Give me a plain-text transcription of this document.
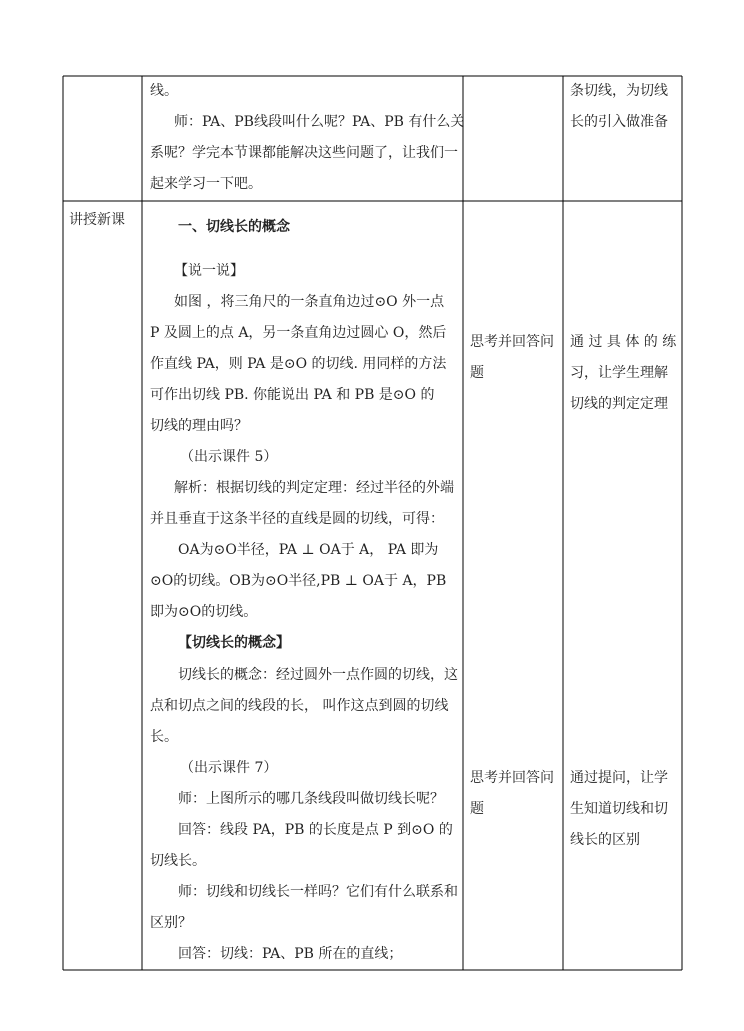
线。
师：PA、PB线段叫什么呢？PA、PB 有什么关
系呢？学完本节课都能解决这些问题了，让我们一
起来学习一下吧。
条切线，为切线
长的引入做准备
讲授新课	一、切线长的概念
【说一说】
如图 ，将三角尺的一条直角边过⊙O 外一点
P 及圆上的点 A，另一条直角边过圆心 O，然后
作直线 PA，则 PA 是⊙O 的切线. 用同样的方法
可作出切线 PB. 你能说出 PA 和 PB 是⊙O 的
切线的理由吗？
（出示课件 5）
解析：根据切线的判定定理：经过半径的外端
并且垂直于这条半径的直线是圆的切线，可得：
OA为⊙O半径，PA ⊥ OA于 A， PA 即为
⊙O的切线。OB为⊙O半径,PB ⊥ OA于 A，PB
即为⊙O的切线。
【切线长的概念】
切线长的概念：经过圆外一点作圆的切线，这
点和切点之间的线段的长， 叫作这点到圆的切线
长。
（出示课件 7）
师：上图所示的哪几条线段叫做切线长呢？
回答：线段 PA，PB 的长度是点 P 到⊙O 的
切线长。
师：切线和切线长一样吗？它们有什么联系和
区别？
回答：切线：PA、PB 所在的直线；
思考并回答问
题
思考并回答问
题
通 过 具 体 的 练
习，让学生理解
切线的判定定理
通过提问，让学
生知道切线和切
线长的区别
